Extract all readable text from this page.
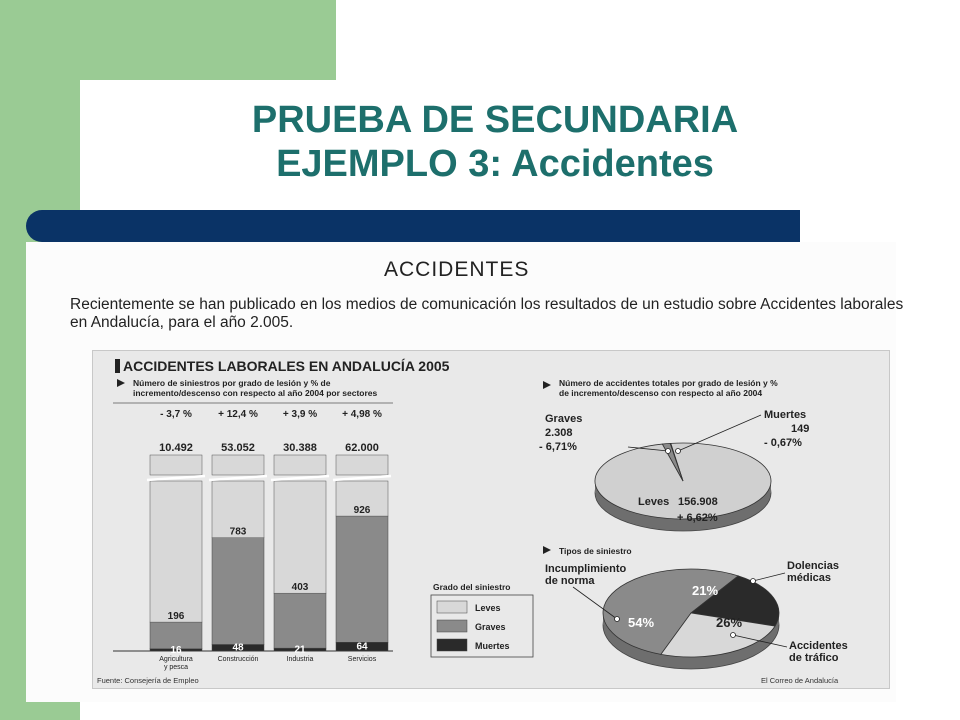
PRUEBA DE SECUNDARIA
EJEMPLO 3: Accidentes
ACCIDENTES
Recientemente se han publicado en los medios de comunicación los resultados de un estudio sobre Accidentes laborales en Andalucía, para el año 2.005.
ACCIDENTES LABORALES EN ANDALUCÍA 2005
Número de siniestros por grado de lesión y % de
incremento/descenso con respecto al año 2004 por sectores
16
196
10.492
- 3,7 %
Agricultura
y pesca
48
783
53.052
+ 12,4 %
Construcción
21
403
30.388
+ 3,9 %
Industria
64
926
62.000
+ 4,98 %
Servicios
Grado del siniestro
Leves
Graves
Muertes
Número de accidentes totales por grado de lesión y %
de incremento/descenso con respecto al año 2004
Graves
2.308
- 6,71%
Muertes
149
- 0,67%
Leves 156.908
+ 6,62%
Tipos de siniestro
54%
21%
26%
Incumplimiento
de norma
Dolencias
médicas
Accidentes
de tráfico
Fuente: Consejería de Empleo	El Correo de Andalucía
